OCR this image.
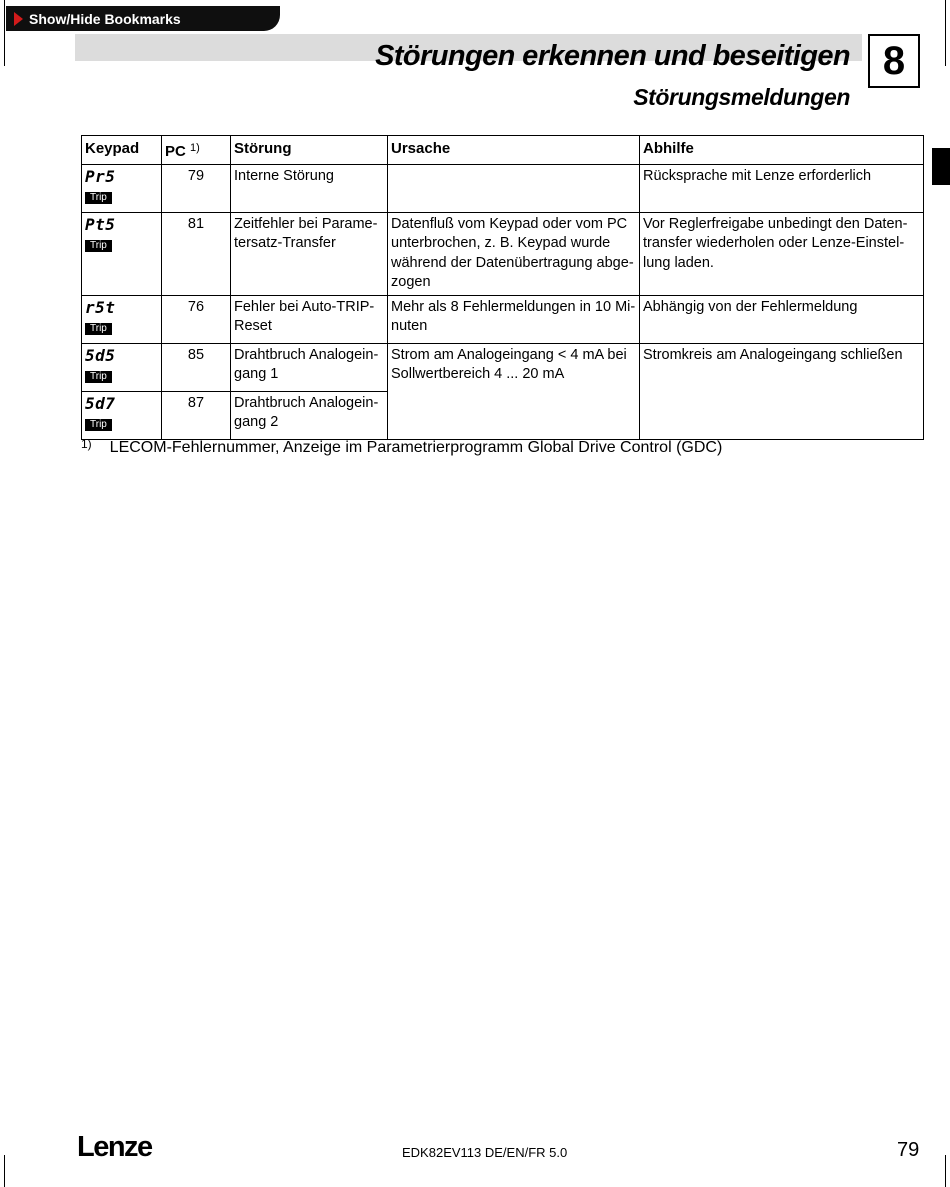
Show/Hide Bookmarks
Störungen erkennen und beseitigen
Störungsmeldungen
8
Keypad	PC $^{1)}$	Störung	Ursache	Abhilfe

Pr5
Trip	79	Interne Störung		Rücksprache mit Lenze erforderlich

Pt5
Trip	81	Zeitfehler bei Parame-
tersatz-Transfer	Datenfluß vom Keypad oder vom PC
unterbrochen, z. B. Keypad wurde
während der Datenübertragung abge-
zogen	Vor Reglerfreigabe unbedingt den Daten-
transfer wiederholen oder Lenze-Einstel-
lung laden.

r5t
Trip	76	Fehler bei Auto-TRIP-
Reset	Mehr als 8 Fehlermeldungen in 10 Mi-
nuten	Abhängig von der Fehlermeldung

5d5
Trip	85	Drahtbruch Analogein-
gang 1	Strom am Analogeingang < 4 mA bei
Sollwertbereich 4 ... 20 mA	Stromkreis am Analogeingang schließen

5d7
Trip	87	Drahtbruch Analogein-
gang 2		
$^{1)}$ LECOM-Fehlernummer, Anzeige im Parametrierprogramm Global Drive Control (GDC)
Lenze	EDK82EV113 DE/EN/FR 5.0	79
